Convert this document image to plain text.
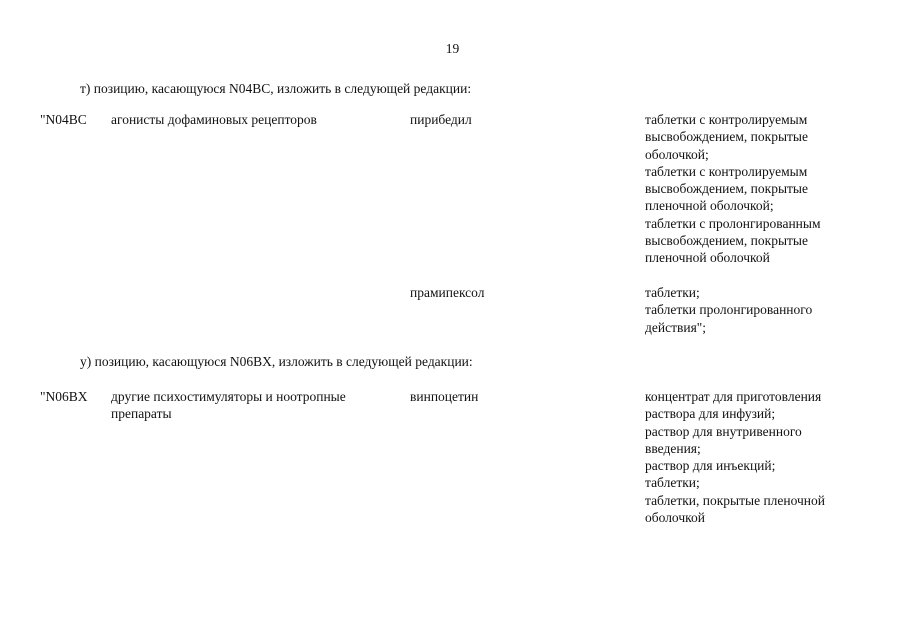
19
т) позицию, касающуюся N04BC, изложить в следующей редакции:
"N04BC агонисты дофаминовых рецепторов	пирибедил	таблетки с контролируемым
высвобождением, покрытые
оболочкой;
таблетки с контролируемым
высвобождением, покрытые
пленочной оболочкой;
таблетки с пролонгированным
высвобождением, покрытые
пленочной оболочкой
прамипексол	таблетки;
таблетки пролонгированного
действия";
у) позицию, касающуюся N06BX, изложить в следующей редакции:
"N06BX другие психостимуляторы и ноотропные
препараты
винпоцетин	концентрат для приготовления
раствора для инфузий;
раствор для внутривенного
введения;
раствор для инъекций;
таблетки;
таблетки, покрытые пленочной
оболочкой
